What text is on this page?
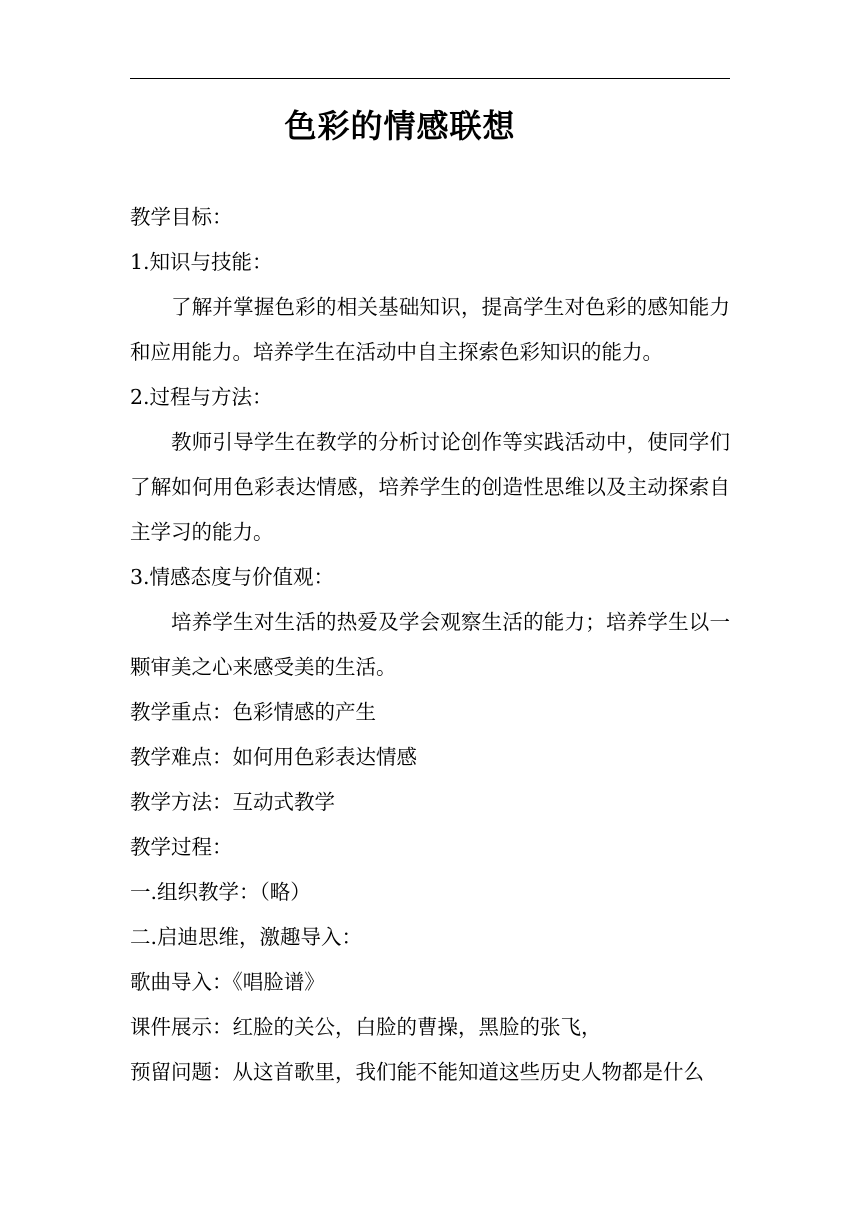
色彩的情感联想
教学目标：
1.知识与技能：
了解并掌握色彩的相关基础知识，提高学生对色彩的感知能力和应用能力。培养学生在活动中自主探索色彩知识的能力。
2.过程与方法：
教师引导学生在教学的分析讨论创作等实践活动中，使同学们了解如何用色彩表达情感，培养学生的创造性思维以及主动探索自主学习的能力。
3.情感态度与价值观：
培养学生对生活的热爱及学会观察生活的能力；培养学生以一颗审美之心来感受美的生活。
教学重点：色彩情感的产生
教学难点：如何用色彩表达情感
教学方法：互动式教学
教学过程：
一.组织教学：（略）
二.启迪思维，激趣导入：
歌曲导入：《唱脸谱》
课件展示：红脸的关公，白脸的曹操，黑脸的张飞，
预留问题：从这首歌里，我们能不能知道这些历史人物都是什么
